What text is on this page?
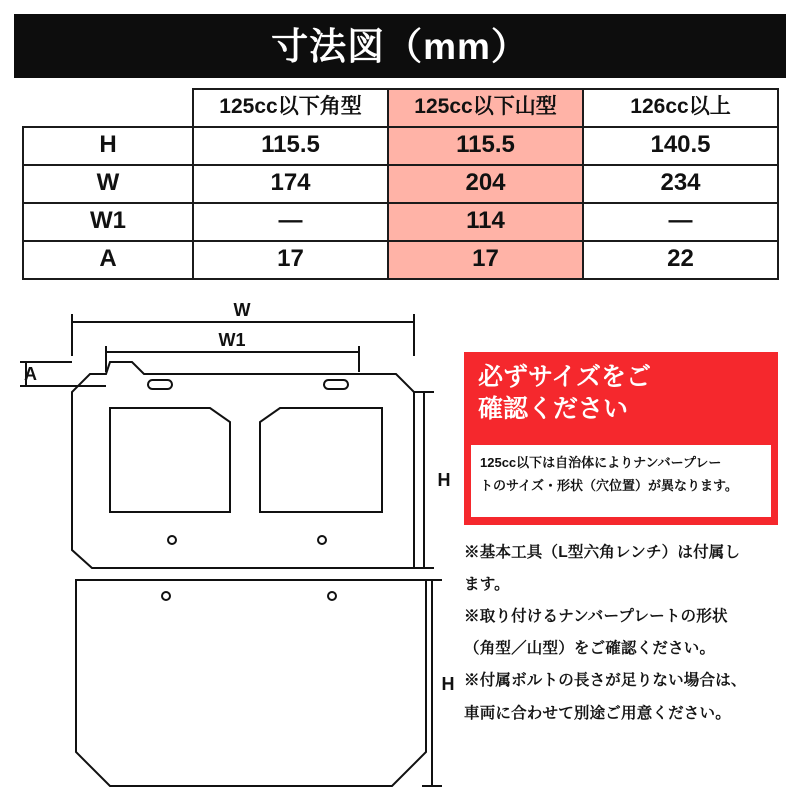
寸法図（mm）
	125cc以下角型	125cc以下山型	126cc以上
H	115.5	115.5	140.5
W	174	204	234
W1	—	114	—
A	17	17	22
W
W1
A
H
H
必ずサイズをご
確認ください
125cc以下は自治体によりナンバープレー
トのサイズ・形状（穴位置）が異なります。

※基本工具（L型六角レンチ）は付属し

ます。

※取り付けるナンバープレートの形状

（角型／山型）をご確認ください。

※付属ボルトの長さが足りない場合は、

車両に合わせて別途ご用意ください。
